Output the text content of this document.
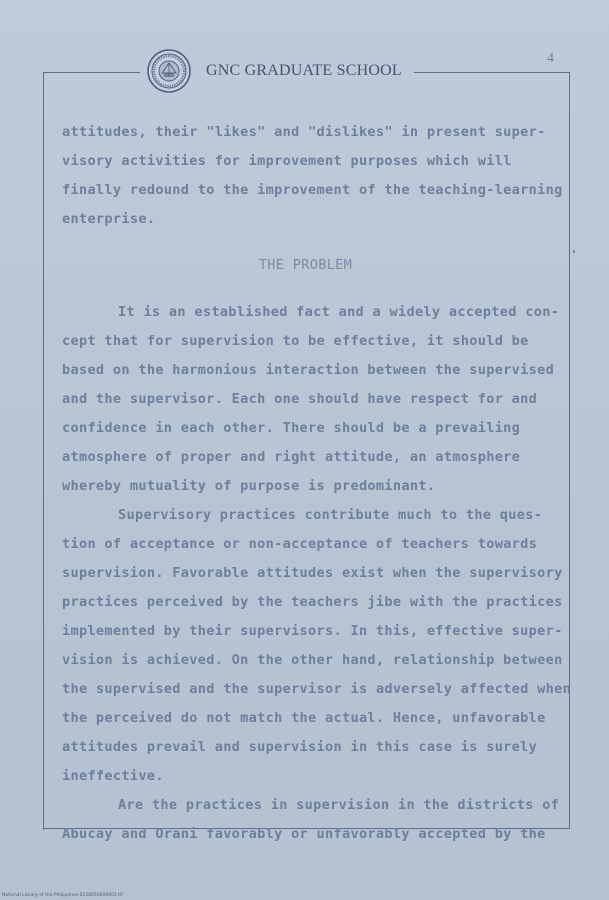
GNC GRADUATE SCHOOL
4
attitudes, their "likes" and "dislikes" in present super-
visory activities for improvement purposes which will
finally redound to the improvement of the teaching-learning
enterprise.
THE PROBLEM
It is an established fact and a widely accepted con-
cept that for supervision to be effective, it should be
based on the harmonious interaction between the supervised
and the supervisor. Each one should have respect for and
confidence in each other. There should be a prevailing
atmosphere of proper and right attitude, an atmosphere
whereby mutuality of purpose is predominant.
Supervisory practices contribute much to the ques-
tion of acceptance or non-acceptance of teachers towards
supervision. Favorable attitudes exist when the supervisory
practices perceived by the teachers jibe with the practices
implemented by their supervisors. In this, effective super-
vision is achieved. On the other hand, relationship between
the supervised and the supervisor is adversely affected when
the perceived do not match the actual. Hence, unfavorable
attitudes prevail and supervision in this case is surely
ineffective.
Are the practices in supervision in the districts of
Abucay and Orani favorably or unfavorably accepted by the
National Library of the Philippines 0128050000001.tif
